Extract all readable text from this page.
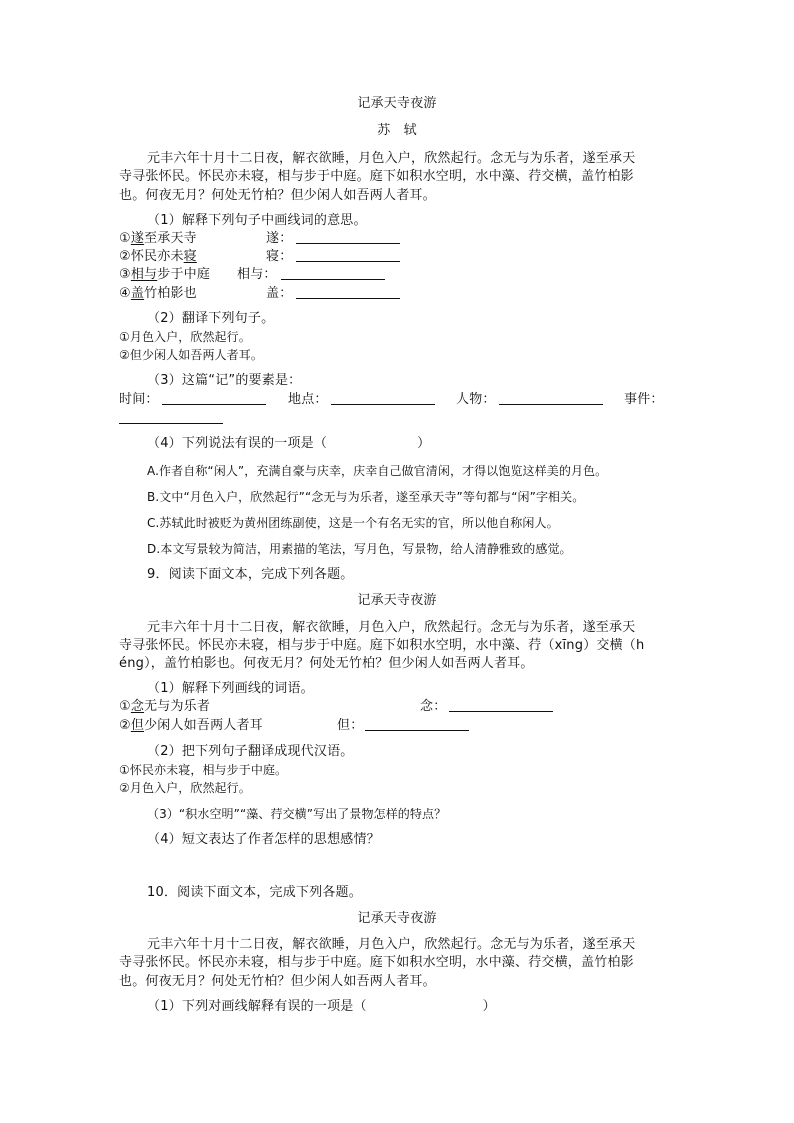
记承天寺夜游
苏　轼
元丰六年十月十二日夜，解衣欲睡，月色入户，欣然起行。念无与为乐者，遂至承天
寺寻张怀民。怀民亦未寝，相与步于中庭。庭下如积水空明，水中藻、荇交横，盖竹柏影
也。何夜无月？何处无竹柏？但少闲人如吾两人者耳。
（1）解释下列句子中画线词的意思。
①遂至承天寺	遂：
②怀民亦未寝	寝：
③相与步于中庭 相与：
④盖竹柏影也	盖：
（2）翻译下列句子。
①月色入户，欣然起行。
②但少闲人如吾两人者耳。
（3）这篇“记”的要素是：
时间：	地点：	人物：	事件：
（4）下列说法有误的一项是（	）
A.作者自称“闲人”，充满自豪与庆幸，庆幸自己做官清闲，才得以饱览这样美的月色。
B.文中“月色入户，欣然起行”“念无与为乐者，遂至承天寺”等句都与“闲”字相关。
C.苏轼此时被贬为黄州团练副使，这是一个有名无实的官，所以他自称闲人。
D.本文写景较为简洁，用素描的笔法，写月色，写景物，给人清静雅致的感觉。
9．阅读下面文本，完成下列各题。
记承天寺夜游
元丰六年十月十二日夜，解衣欲睡，月色入户，欣然起行。念无与为乐者，遂至承天
寺寻张怀民。怀民亦未寝，相与步于中庭。庭下如积水空明，水中藻、荇（xīng）交横（h
éng），盖竹柏影也。何夜无月？何处无竹柏？但少闲人如吾两人者耳。
（1）解释下列画线的词语。
①念无与为乐者	念：
②但少闲人如吾两人者耳	但：
（2）把下列句子翻译成现代汉语。
①怀民亦未寝，相与步于中庭。
②月色入户，欣然起行。
（3）“积水空明”“藻、荇交横”写出了景物怎样的特点？
（4）短文表达了作者怎样的思想感情？
10．阅读下面文本，完成下列各题。
记承天寺夜游
元丰六年十月十二日夜，解衣欲睡，月色入户，欣然起行。念无与为乐者，遂至承天
寺寻张怀民。怀民亦未寝，相与步于中庭。庭下如积水空明，水中藻、荇交横，盖竹柏影
也。何夜无月？何处无竹柏？但少闲人如吾两人者耳。
（1）下列对画线解释有误的一项是（	）
